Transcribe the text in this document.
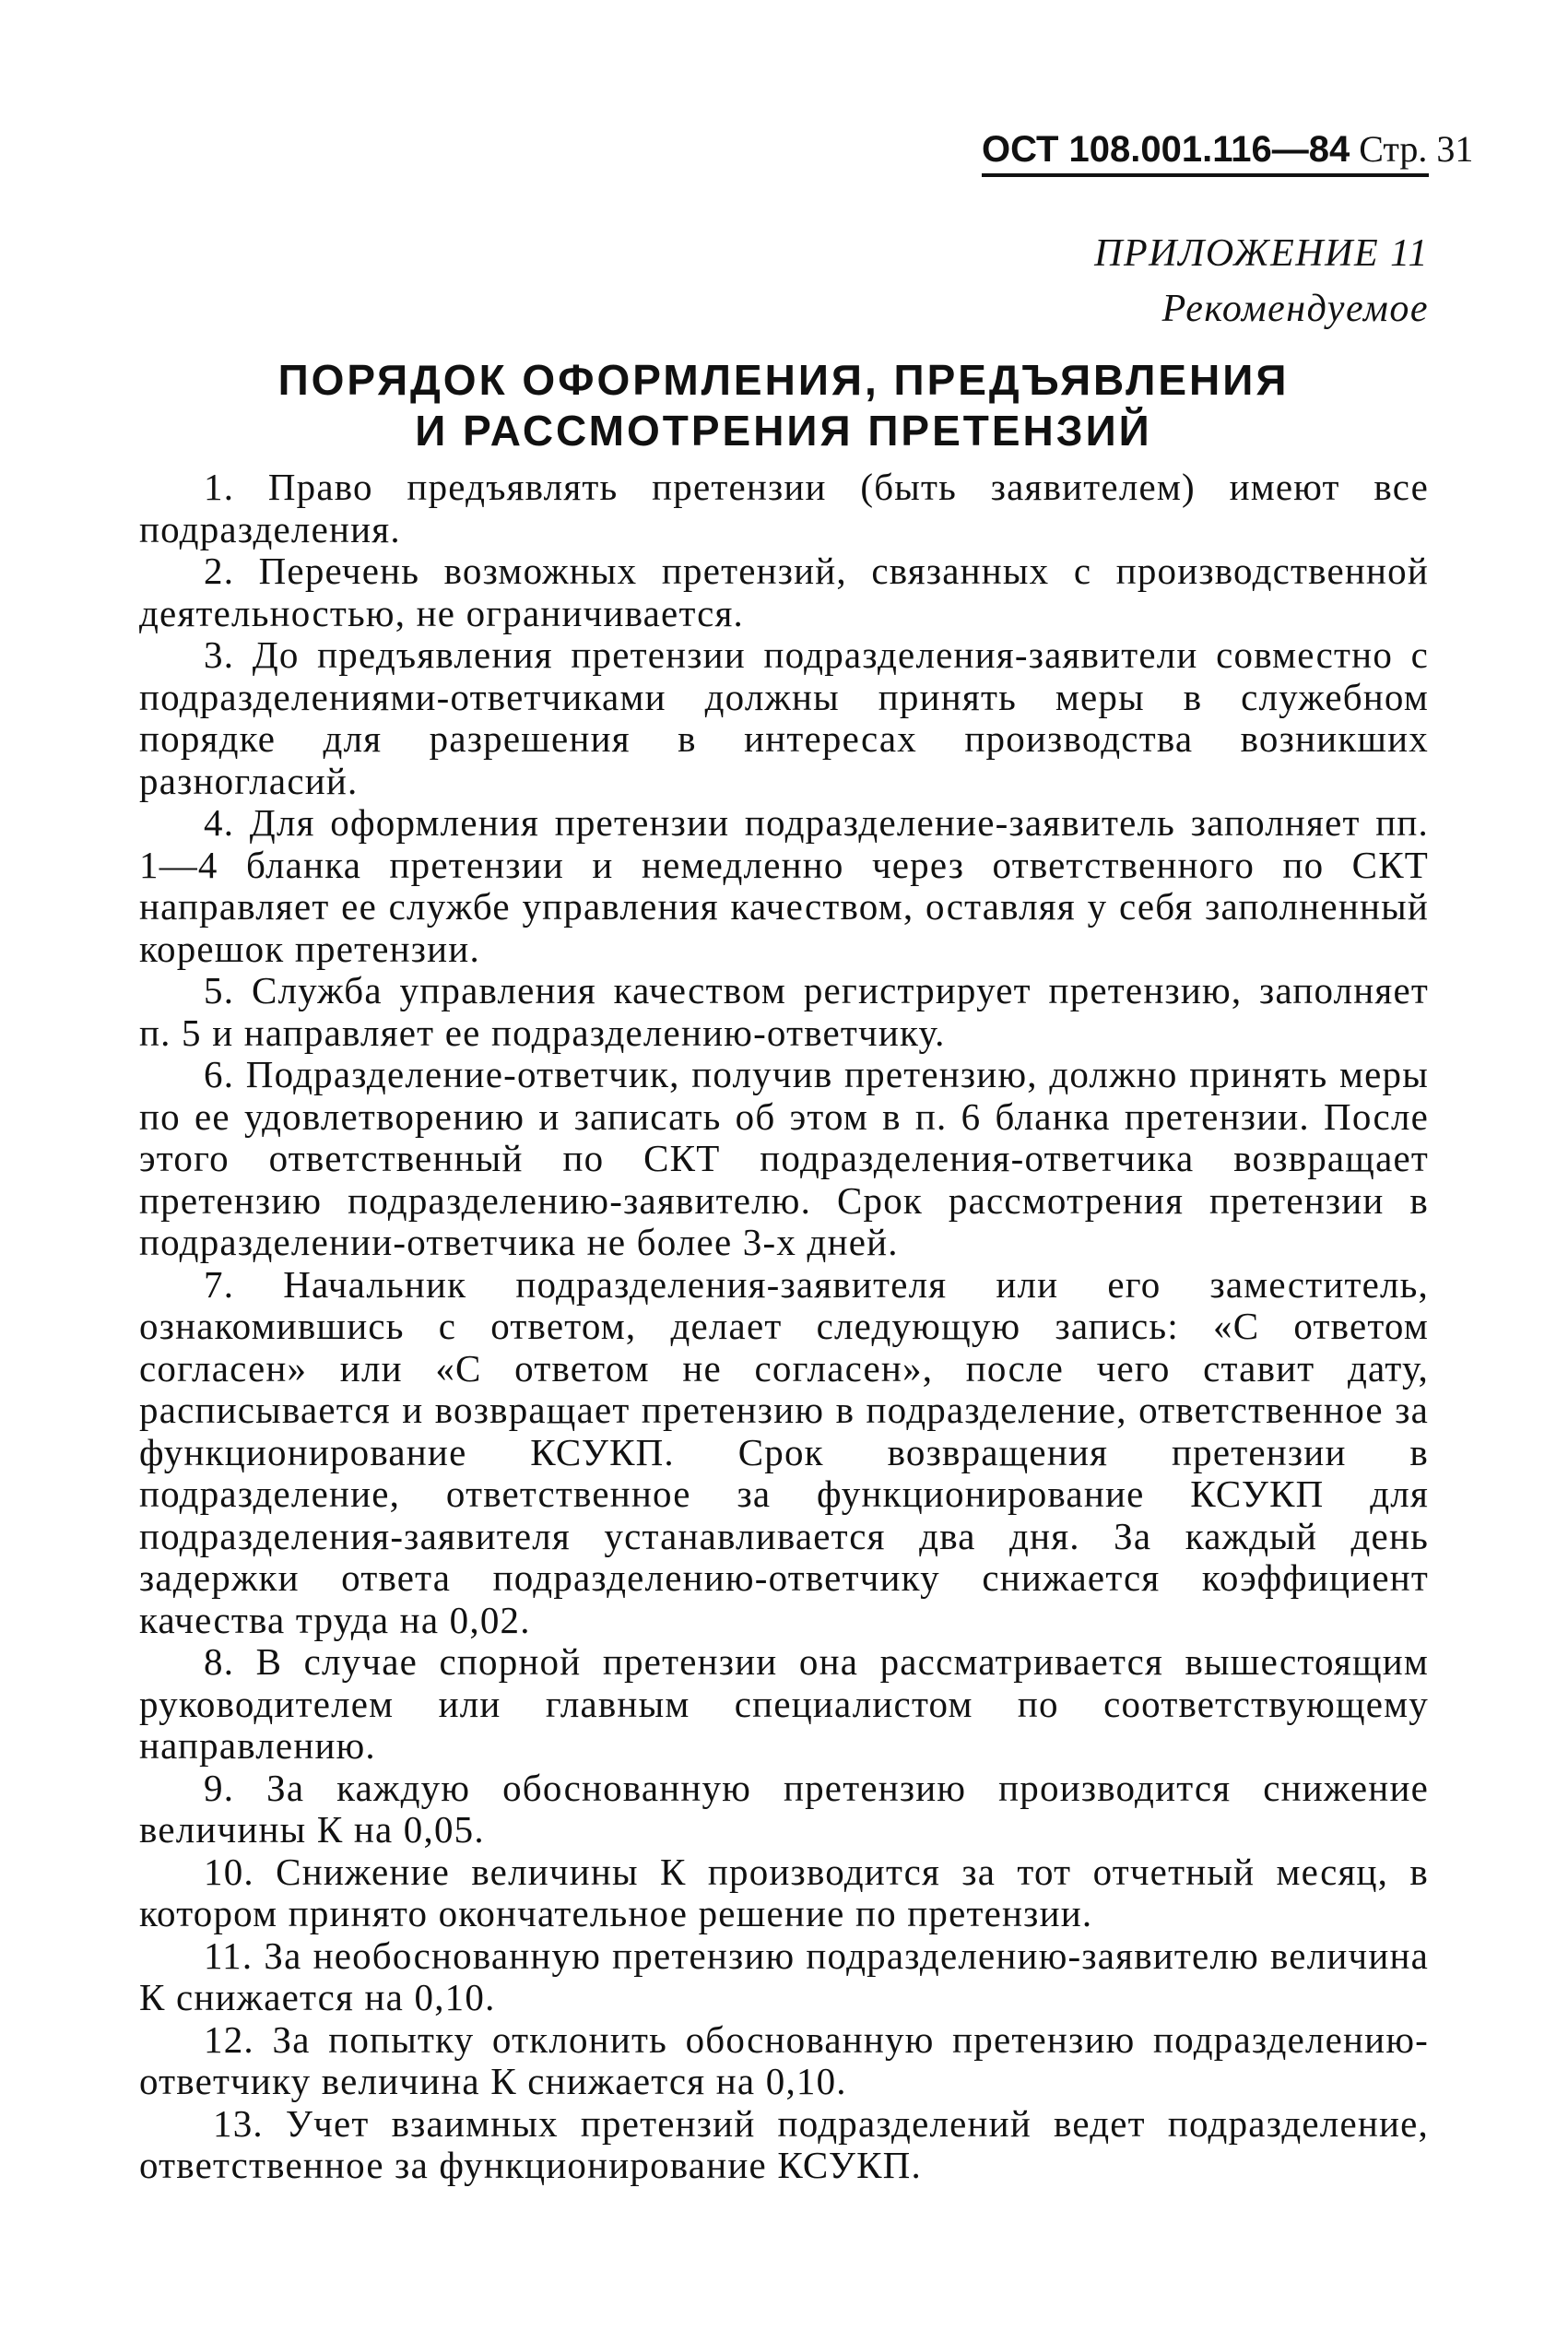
ОСТ 108.001.116—84 Стр. 31
ПРИЛОЖЕНИЕ 11
Рекомендуемое
ПОРЯДОК ОФОРМЛЕНИЯ, ПРЕДЪЯВЛЕНИЯ
И РАССМОТРЕНИЯ ПРЕТЕНЗИЙ

1. Право предъявлять претензии (быть заявителем) имеют все подразделения.

2. Перечень возможных претензий, связанных с производственной деятельностью, не ограничивается.

3. До предъявления претензии подразделения-заявители совместно с подразделениями-ответчиками должны принять меры в служебном порядке для разрешения в интересах производства возникших разногласий.

4. Для оформления претензии подразделение-заявитель заполняет пп. 1—4 бланка претензии и немедленно через ответственного по СКТ направляет ее службе управления качеством, оставляя у себя заполненный корешок претензии.

5. Служба управления качеством регистрирует претензию, заполняет п. 5 и направляет ее подразделению-ответчику.

6. Подразделение-ответчик, получив претензию, должно принять меры по ее удовлетворению и записать об этом в п. 6 бланка претензии. После этого ответственный по СКТ подразделения-ответчика возвращает претензию подразделению-заявителю. Срок рассмотрения претензии в подразделении-ответчика не более 3-х дней.

7. Начальник подразделения-заявителя или его заместитель, ознакомившись с ответом, делает следующую запись: «С ответом согласен» или «С ответом не согласен», после чего ставит дату, расписывается и возвращает претензию в подразделение, ответственное за функционирование КСУКП. Срок возвращения претензии в подразделение, ответственное за функционирование КСУКП для подразделения-заявителя устанавливается два дня. За каждый день задержки ответа подразделению-ответчику снижается коэффициент качества труда на 0,02.

8. В случае спорной претензии она рассматривается вышестоящим руководителем или главным специалистом по соответствующему направлению.

9. За каждую обоснованную претензию производится снижение величины К на 0,05.

10. Снижение величины К производится за тот отчетный месяц, в котором принято окончательное решение по претензии.

11. За необоснованную претензию подразделению-заявителю величина К снижается на 0,10.

12. За попытку отклонить обоснованную претензию подразделению-ответчику величина К снижается на 0,10.

13. Учет взаимных претензий подразделений ведет подразделение, ответственное за функционирование КСУКП.
